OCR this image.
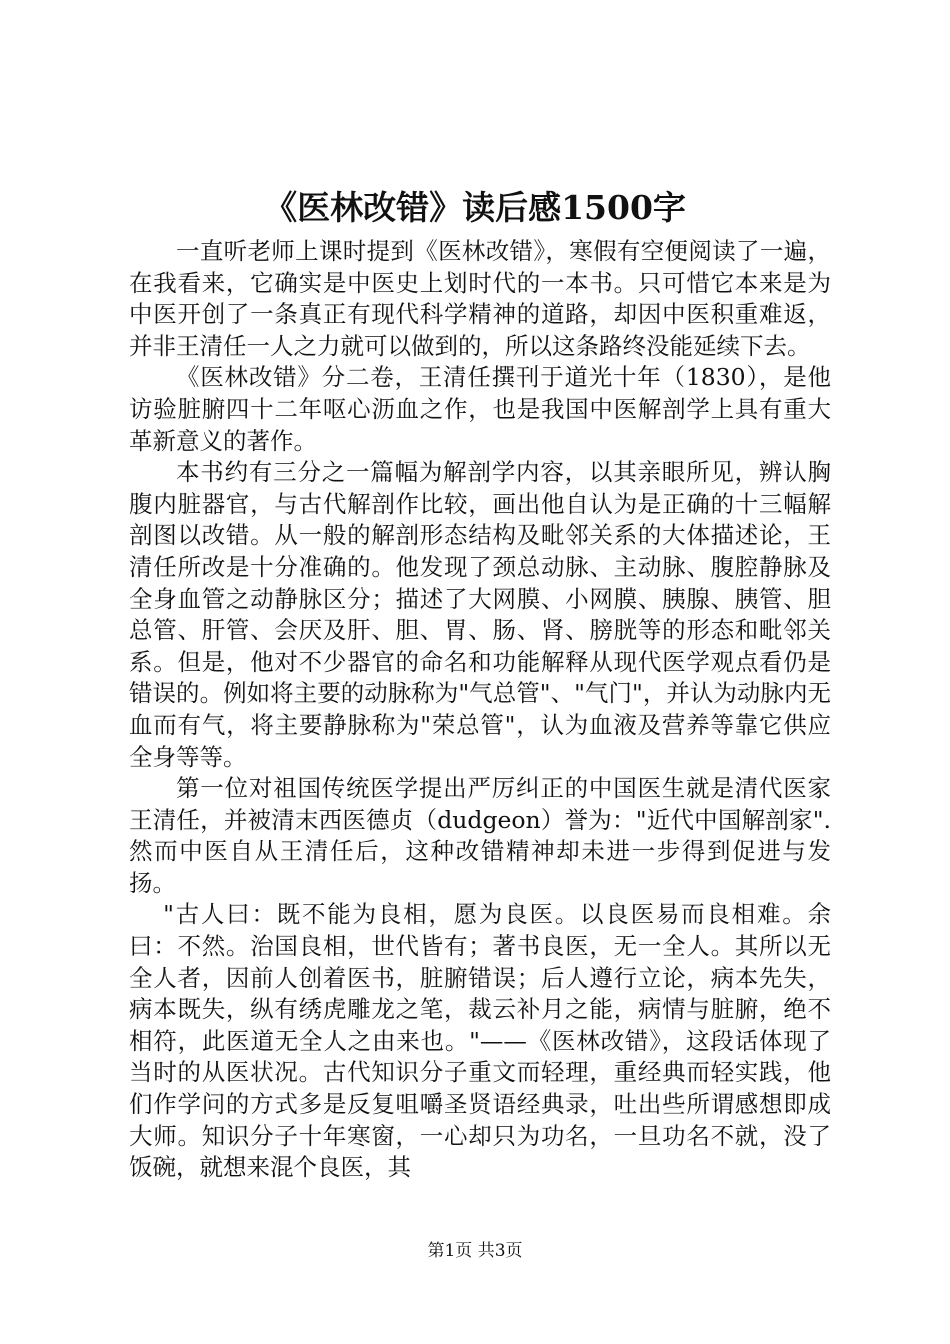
《医林改错》读后感1500字

一直听老师上课时提到《医林改错》，寒假有空便阅读了一遍，在我看来，它确实是中医史上划时代的一本书。只可惜它本来是为中医开创了一条真正有现代科学精神的道路，却因中医积重难返，并非王清任一人之力就可以做到的，所以这条路终没能延续下去。

《医林改错》分二卷，王清任撰刊于道光十年（1830），是他访验脏腑四十二年呕心沥血之作，也是我国中医解剖学上具有重大革新意义的著作。

本书约有三分之一篇幅为解剖学内容，以其亲眼所见，辨认胸腹内脏器官，与古代解剖作比较，画出他自认为是正确的十三幅解剖图以改错。从一般的解剖形态结构及毗邻关系的大体描述论，王清任所改是十分准确的。他发现了颈总动脉、主动脉、腹腔静脉及全身血管之动静脉区分；描述了大网膜、小网膜、胰腺、胰管、胆总管、肝管、会厌及肝、胆、胃、肠、肾、膀胱等的形态和毗邻关系。但是，他对不少器官的命名和功能解释从现代医学观点看仍是错误的。例如将主要的动脉称为"气总管"、"气门"，并认为动脉内无血而有气，将主要静脉称为"荣总管"，认为血液及营养等靠它供应全身等等。

第一位对祖国传统医学提出严厉纠正的中国医生就是清代医家王清任，并被清末西医德贞（dudgeon）誉为："近代中国解剖家".然而中医自从王清任后，这种改错精神却未进一步得到促进与发扬。

"古人曰：既不能为良相，愿为良医。以良医易而良相难。余曰：不然。治国良相，世代皆有；著书良医，无一全人。其所以无全人者，因前人创着医书，脏腑错误；后人遵行立论，病本先失，病本既失，纵有绣虎雕龙之笔，裁云补月之能，病情与脏腑，绝不相符，此医道无全人之由来也。"——《医林改错》，这段话体现了当时的从医状况。古代知识分子重文而轻理，重经典而轻实践，他们作学问的方式多是反复咀嚼圣贤语经典录，吐出些所谓感想即成大师。知识分子十年寒窗，一心却只为功名，一旦功名不就，没了饭碗，就想来混个良医，其

第1页 共3页
